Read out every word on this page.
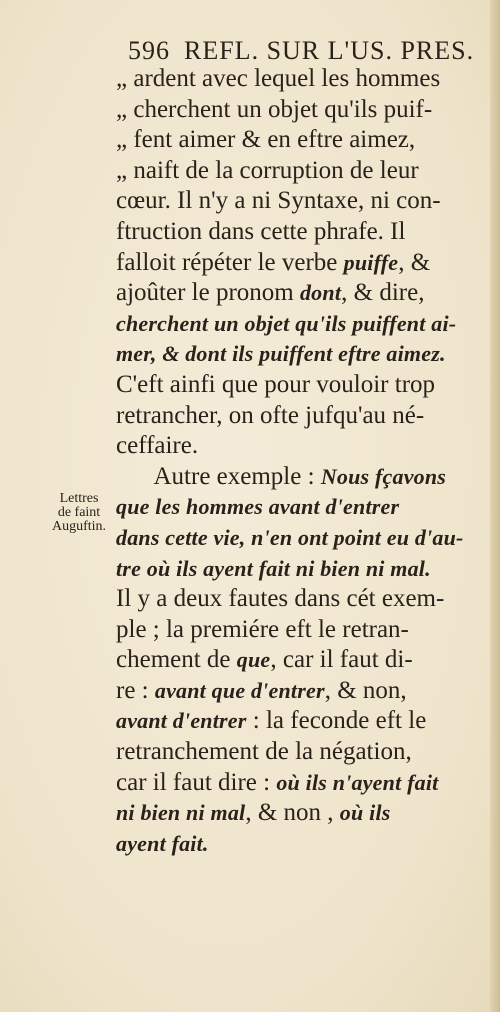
596 REFL. SUR L'US. PRES.
Lettres
de faint
Auguftin.
„ ardent avec lequel les hommes
„ cherchent un objet qu'ils puif-
„ fent aimer & en eftre aimez,
„ naift de la corruption de leur
cœur. Il n'y a ni Syntaxe, ni con-
ftruction dans cette phrafe. Il
falloit répéter le verbe puiffe, &
ajoûter le pronom dont, & dire,
cherchent un objet qu'ils puiffent ai-
mer, & dont ils puiffent eftre aimez.
C'eft ainfi que pour vouloir trop
retrancher, on ofte jufqu'au né-
ceffaire.
  Autre exemple : Nous fçavons
que les hommes avant d'entrer
dans cette vie, n'en ont point eu d'au-
tre où ils ayent fait ni bien ni mal.
Il y a deux fautes dans cét exem-
ple ; la premiére eft le retran-
chement de que, car il faut di-
re : avant que d'entrer, & non,
avant d'entrer : la feconde eft le
retranchement de la négation,
car il faut dire : où ils n'ayent fait
ni bien ni mal, & non , où ils
ayent fait.
